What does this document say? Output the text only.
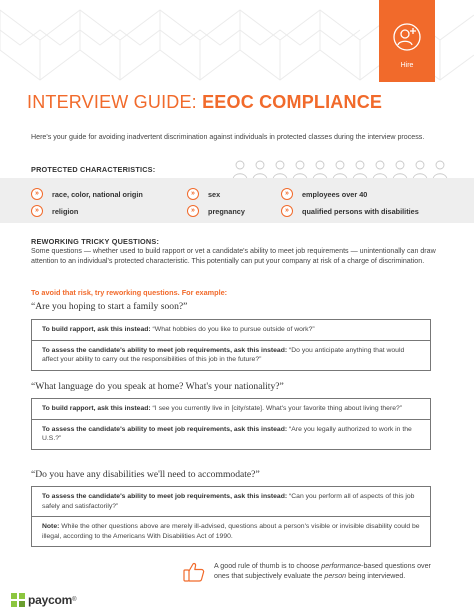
Hire
INTERVIEW GUIDE: EEOC COMPLIANCE
Here's your guide for avoiding inadvertent discrimination against individuals in protected classes during the interview process.
PROTECTED CHARACTERISTICS:
»	race, color, national origin	»	sex	»	employees over 40
»	religion	»	pregnancy	»	qualified persons with disabilities
REWORKING TRICKY QUESTIONS:
Some questions — whether used to build rapport or vet a candidate's ability to meet job requirements — unintentionally can draw attention to an individual's protected characteristic. This potentially can put your company at risk of a charge of discrimination.
To avoid that risk, try reworking questions. For example:
“Are you hoping to start a family soon?”
To build rapport, ask this instead: “What hobbies do you like to pursue outside of work?”
To assess the candidate's ability to meet job requirements, ask this instead: “Do you anticipate anything that would affect your ability to carry out the responsibilities of this job in the future?”
“What language do you speak at home? What's your nationality?”
To build rapport, ask this instead: “I see you currently live in [city/state]. What's your favorite thing about living there?”
To assess the candidate's ability to meet job requirements, ask this instead: “Are you legally authorized to work in the U.S.?”
“Do you have any disabilities we'll need to accommodate?”
To assess the candidate's ability to meet job requirements, ask this instead: “Can you perform all of aspects of this job safely and satisfactorily?”
Note: While the other questions above are merely ill-advised, questions about a person's visible or invisible disability could be illegal, according to the Americans With Disabilities Act of 1990.
A good rule of thumb is to choose performance-based questions over ones that subjectively evaluate the person being interviewed.
paycom ®
